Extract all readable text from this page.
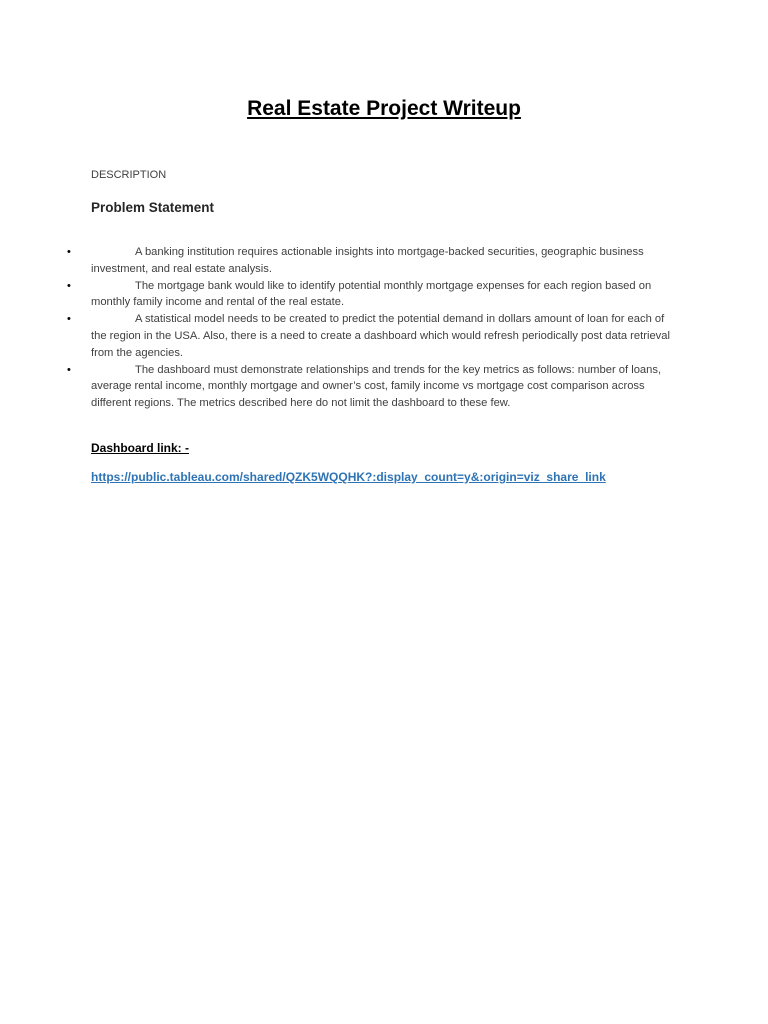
Real Estate Project Writeup

DESCRIPTION

Problem Statement
•	A banking institution requires actionable insights into mortgage-backed securities, geographic business investment, and real estate analysis.
•	The mortgage bank would like to identify potential monthly mortgage expenses for each region based on monthly family income and rental of the real estate.
•	A statistical model needs to be created to predict the potential demand in dollars amount of loan for each of the region in the USA. Also, there is a need to create a dashboard which would refresh periodically post data retrieval from the agencies.
•	The dashboard must demonstrate relationships and trends for the key metrics as follows: number of loans, average rental income, monthly mortgage and owner’s cost, family income vs mortgage cost comparison across different regions. The metrics described here do not limit the dashboard to these few.

Dashboard link: -

https://public.tableau.com/shared/QZK5WQQHK?:display_count=y&:origin=viz_share_link
